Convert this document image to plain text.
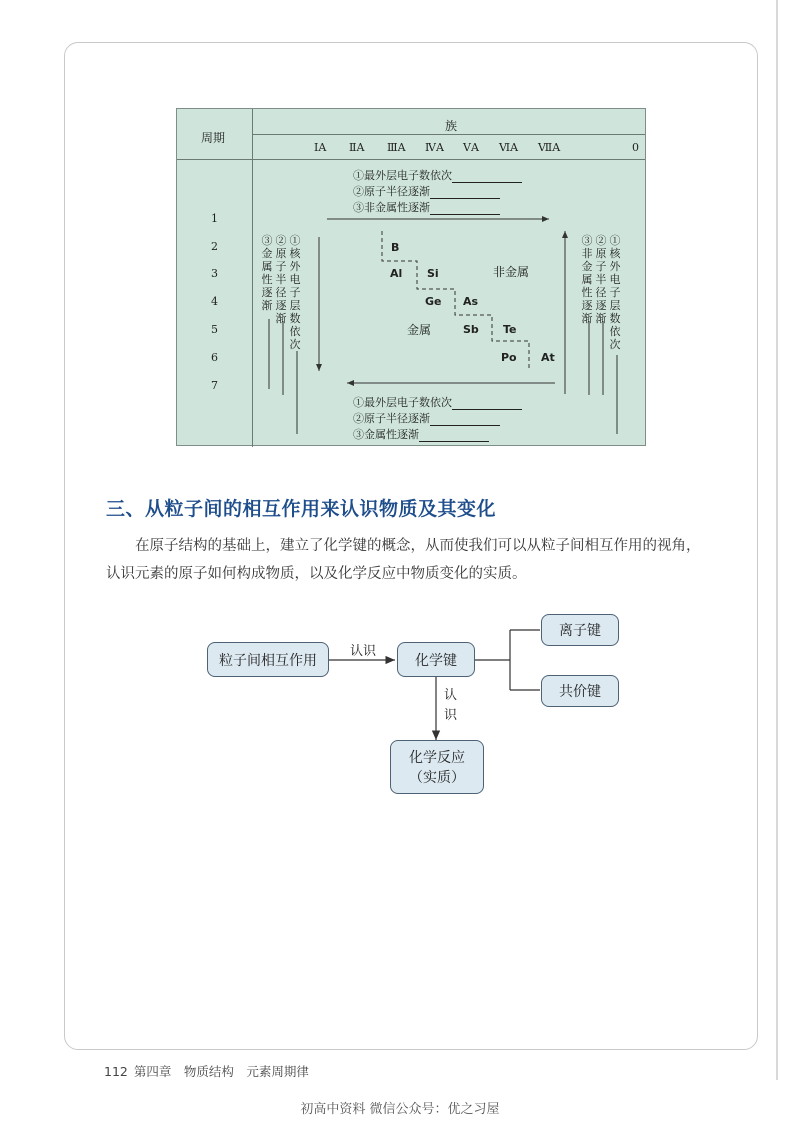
周期
族
ⅠA ⅡA ⅢA ⅣA ⅤA ⅥA ⅦA	0
1
2
3
4
5
6
7
①最外层电子数依次
②原子半径逐渐
③非金属性逐渐
①最外层电子数依次
②原子半径逐渐
③金属性逐渐
③金属性逐渐
②原子半径逐渐
①核外电子层数依次
③非金属性逐渐
②原子半径逐渐
①核外电子层数依次
B
Al Si
Ge As
Sb Te
Po At
非金属
金属
三、从粒子间的相互作用来认识物质及其变化
在原子结构的基础上，建立了化学键的概念，从而使我们可以从粒子间相互作用的视角，认识元素的原子如何构成物质，以及化学反应中物质变化的实质。
粒子间相互作用
认识
化学键
离子键
共价键
认识
化学反应
（实质）
112 第四章　物质结构　元素周期律
初高中资料 微信公众号：优之习屋
